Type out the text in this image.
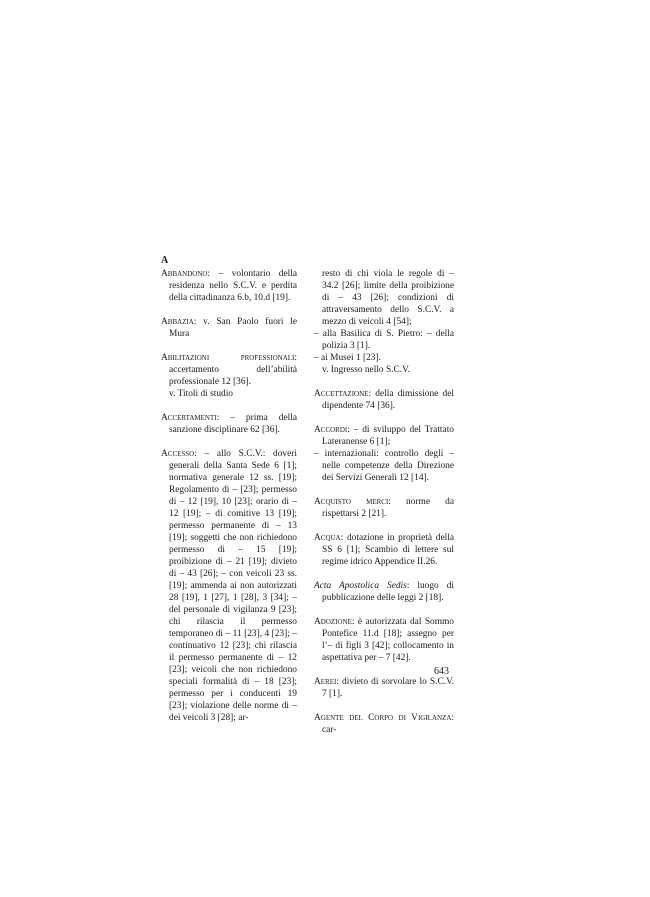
A

Abbandono: – volontario della residenza nello S.C.V. e perdita della cittadinanza 6.b, 10.d [19].

Abbazia: v. San Paolo fuori le Mura

Abilitazioni professionali: accertamento dell’abilità professionale 12 [36].

v. Titoli di studio

Accertamenti: – prima della sanzione disciplinare 62 [36].

Accesso: – allo S.C.V.: doveri generali della Santa Sede 6 [1]; normativa generale 12 ss. [19]; Regolamento di – [23]; permesso di – 12 [19], 10 [23]; orario di – 12 [19]; – di comitive 13 [19]; permesso permanente di – 13 [19]; soggetti che non richiedono permesso di – 15 [19]; proibizione di – 21 [19]; divieto di – 43 [26]; – con veicoli 23 ss. [19]; ammenda ai non autorizzati 28 [19], 1 [27], 1 [28], 3 [34]; – del personale di vigilanza 9 [23]; chi rilascia il permesso temporaneo di – 11 [23], 4 [23]; – continuativo 12 [23]; chi rilascia il permesso permanente di – 12 [23]; veicoli che non richiedono speciali formalità di – 18 [23]; permesso per i conducenti 19 [23]; violazione delle norme di – dei veicoli 3 [28]; ar-

resto di chi viola le regole di – 34.2 [26]; limite della proibizione di – 43 [26]; condizioni di attraversamento dello S.C.V. a mezzo di veicoli 4 [54];

– alla Basilica di S. Pietro: – della polizia 3 [1].

– ai Musei 1 [23].

v. Ingresso nello S.C.V.

Accettazione: della dimissione del dipendente 74 [36].

Accordi: – di sviluppo del Trattato Lateranense 6 [1];

– internazionali: controllo degli – nelle competenze della Direzione dei Servizi Generali 12 [14].

Acquisto merci: norme da rispettarsi 2 [21].

Acqua: dotazione in proprietà della SS 6 [1]; Scambio di lettere sul regime idrico Appendice II.26.

Acta Apostolica Sedis: luogo di pubblicazione delle leggi 2 [18].

Adozione: è autorizzata dal Sommo Pontefice 11.d [18]; assegno per l’– di figli 3 [42]; collocamento in aspettativa per – 7 [42].

Aerei: divieto di sorvolare lo S.C.V. 7 [1].

Agente del Corpo di Vigilanza: car-

643
